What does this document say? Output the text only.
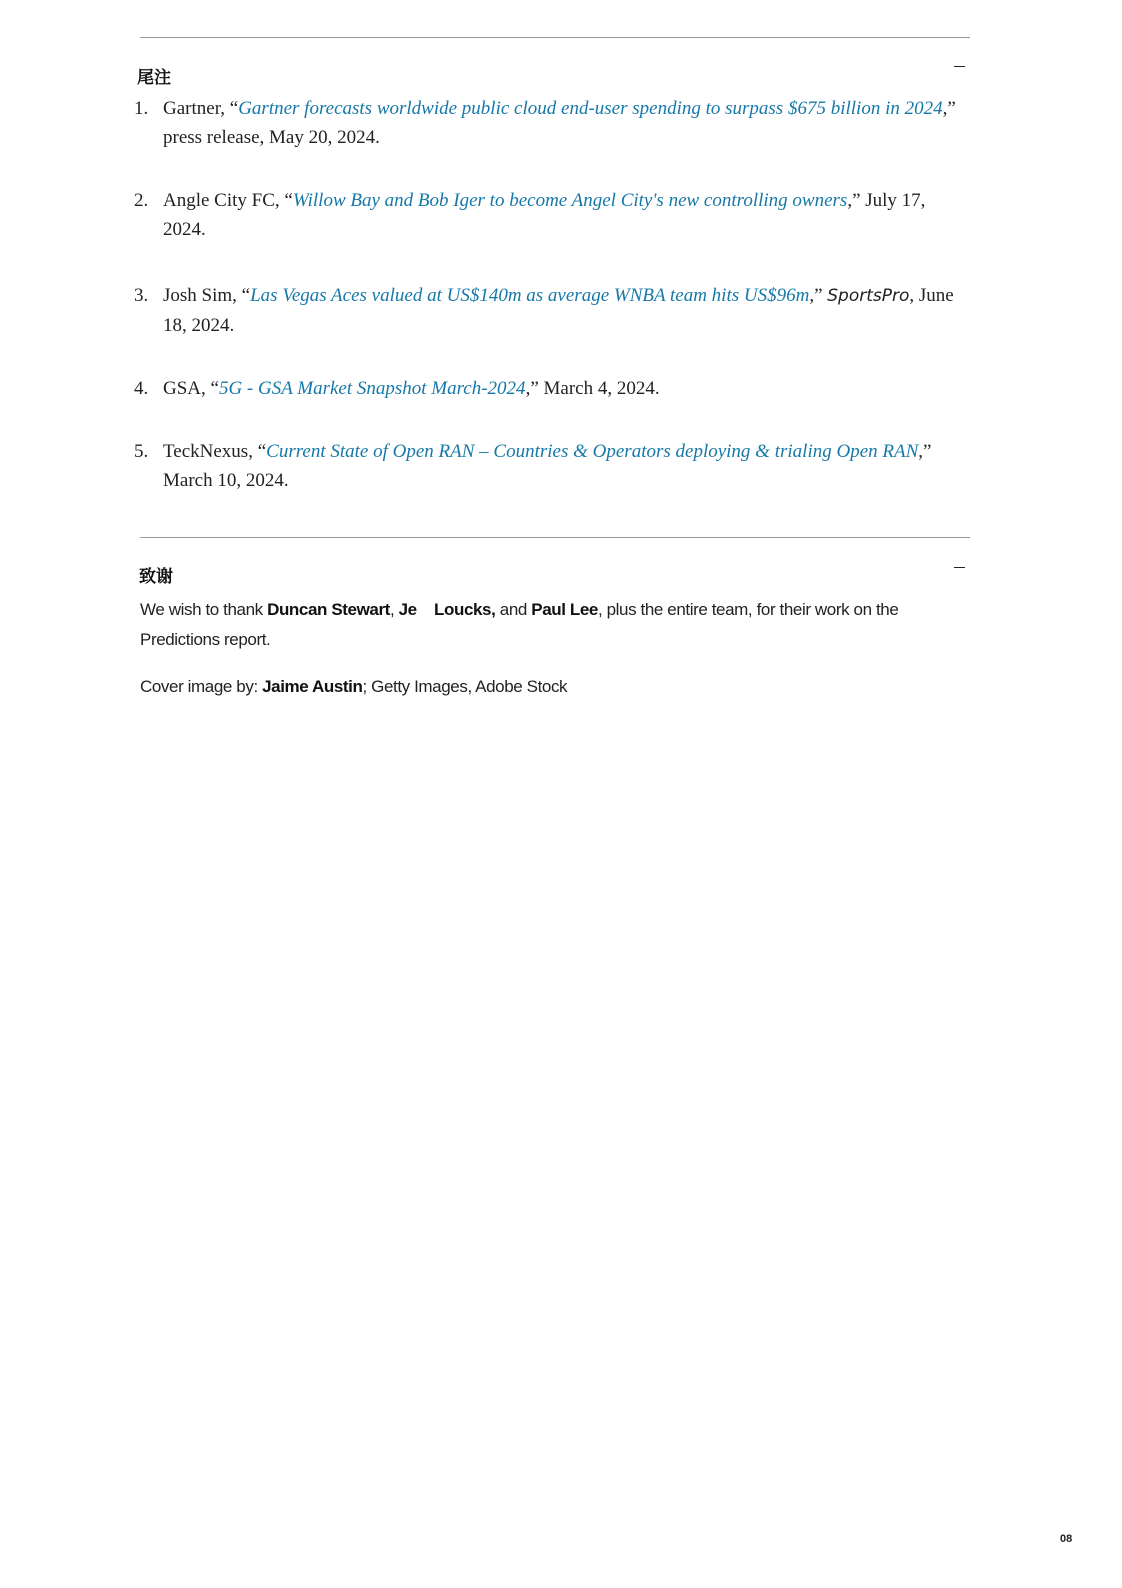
尾注
1. Gartner, “Gartner forecasts worldwide public cloud end-user spending to surpass $675 billion in 2024,” press release, May 20, 2024.
2. Angle City FC, “Willow Bay and Bob Iger to become Angel City's new controlling owners,” July 17, 2024.
3. Josh Sim, “Las Vegas Aces valued at US$140m as average WNBA team hits US$96m,” SportsPro, June 18, 2024.
4. GSA, “5G - GSA Market Snapshot March-2024,” March 4, 2024.
5. TeckNexus, “Current State of Open RAN – Countries & Operators deploying & trialing Open RAN,” March 10, 2024.
致谢
We wish to thank Duncan Stewart, Je    Loucks, and Paul Lee, plus the entire team, for their work on the Predictions report.
Cover image by: Jaime Austin; Getty Images, Adobe Stock
08
